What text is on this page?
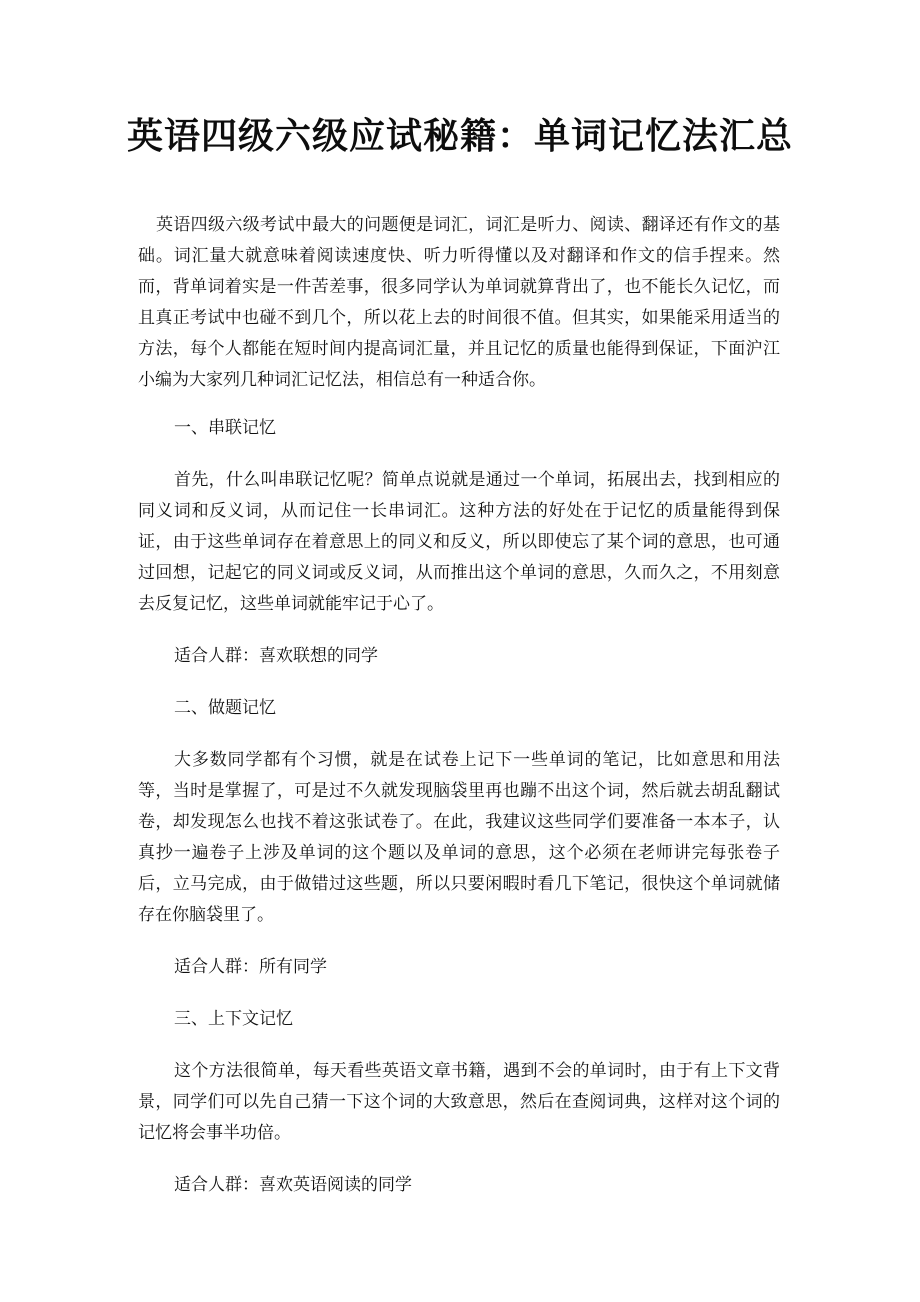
英语四级六级应试秘籍：单词记忆法汇总

英语四级六级考试中最大的问题便是词汇，词汇是听力、阅读、翻译还有作文的基础。词汇量大就意味着阅读速度快、听力听得懂以及对翻译和作文的信手捏来。然而，背单词着实是一件苦差事，很多同学认为单词就算背出了，也不能长久记忆，而且真正考试中也碰不到几个，所以花上去的时间很不值。但其实，如果能采用适当的方法，每个人都能在短时间内提高词汇量，并且记忆的质量也能得到保证，下面沪江小编为大家列几种词汇记忆法，相信总有一种适合你。

一、串联记忆

首先，什么叫串联记忆呢？简单点说就是通过一个单词，拓展出去，找到相应的同义词和反义词，从而记住一长串词汇。这种方法的好处在于记忆的质量能得到保证，由于这些单词存在着意思上的同义和反义，所以即使忘了某个词的意思，也可通过回想，记起它的同义词或反义词，从而推出这个单词的意思，久而久之，不用刻意去反复记忆，这些单词就能牢记于心了。

适合人群：喜欢联想的同学

二、做题记忆

大多数同学都有个习惯，就是在试卷上记下一些单词的笔记，比如意思和用法等，当时是掌握了，可是过不久就发现脑袋里再也蹦不出这个词，然后就去胡乱翻试卷，却发现怎么也找不着这张试卷了。在此，我建议这些同学们要准备一本本子，认真抄一遍卷子上涉及单词的这个题以及单词的意思，这个必须在老师讲完每张卷子后，立马完成，由于做错过这些题，所以只要闲暇时看几下笔记，很快这个单词就储存在你脑袋里了。

适合人群：所有同学

三、上下文记忆

这个方法很简单，每天看些英语文章书籍，遇到不会的单词时，由于有上下文背景，同学们可以先自己猜一下这个词的大致意思，然后在查阅词典，这样对这个词的记忆将会事半功倍。

适合人群：喜欢英语阅读的同学
